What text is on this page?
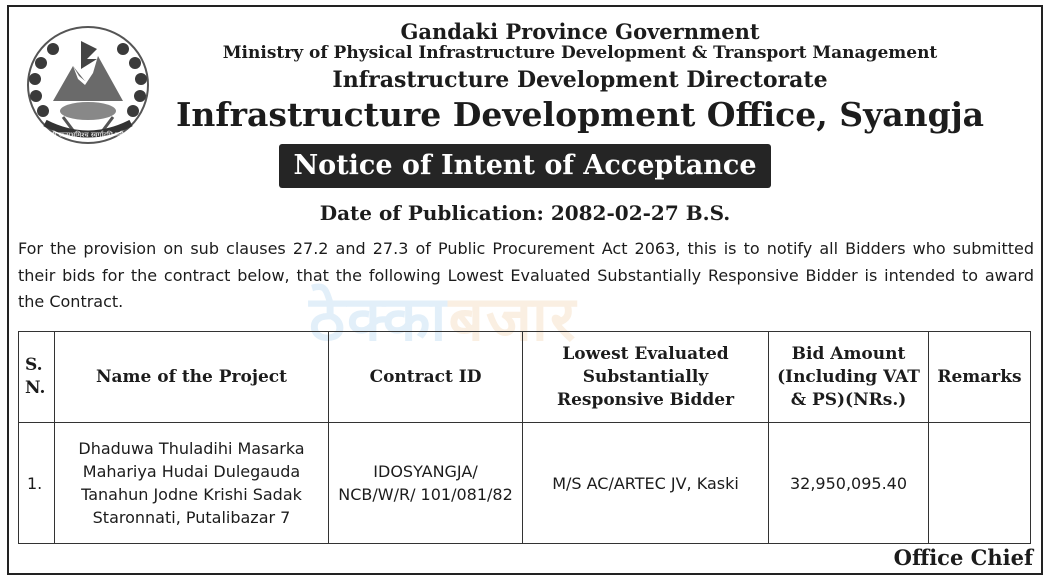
जननी जन्मभूमिश्च स्वर्गादपि गरीयसी
Gandaki Province Government
Ministry of Physical Infrastructure Development & Transport Management
Infrastructure Development Directorate
Infrastructure Development Office, Syangja
Notice of Intent of Acceptance
Date of Publication: 2082-02-27 B.S.
ठेक्काबजार
For the provision on sub clauses 27.2 and 27.3 of Public Procurement Act 2063, this is to notify all Bidders who submitted their bids for the contract below, that the following Lowest Evaluated Substantially Responsive Bidder is intended to award the Contract.
S. N.	Name of the Project	Contract ID	Lowest Evaluated Substantially Responsive Bidder	Bid Amount (Including VAT & PS)(NRs.)	Remarks
1.	Dhaduwa Thuladihi Masarka Mahariya Hudai Dulegauda Tanahun Jodne Krishi Sadak Staronnati, Putalibazar 7	IDOSYANGJA/ NCB/W/R/ 101/081/82	M/S AC/ARTEC JV, Kaski	32,950,095.40	
Office Chief
